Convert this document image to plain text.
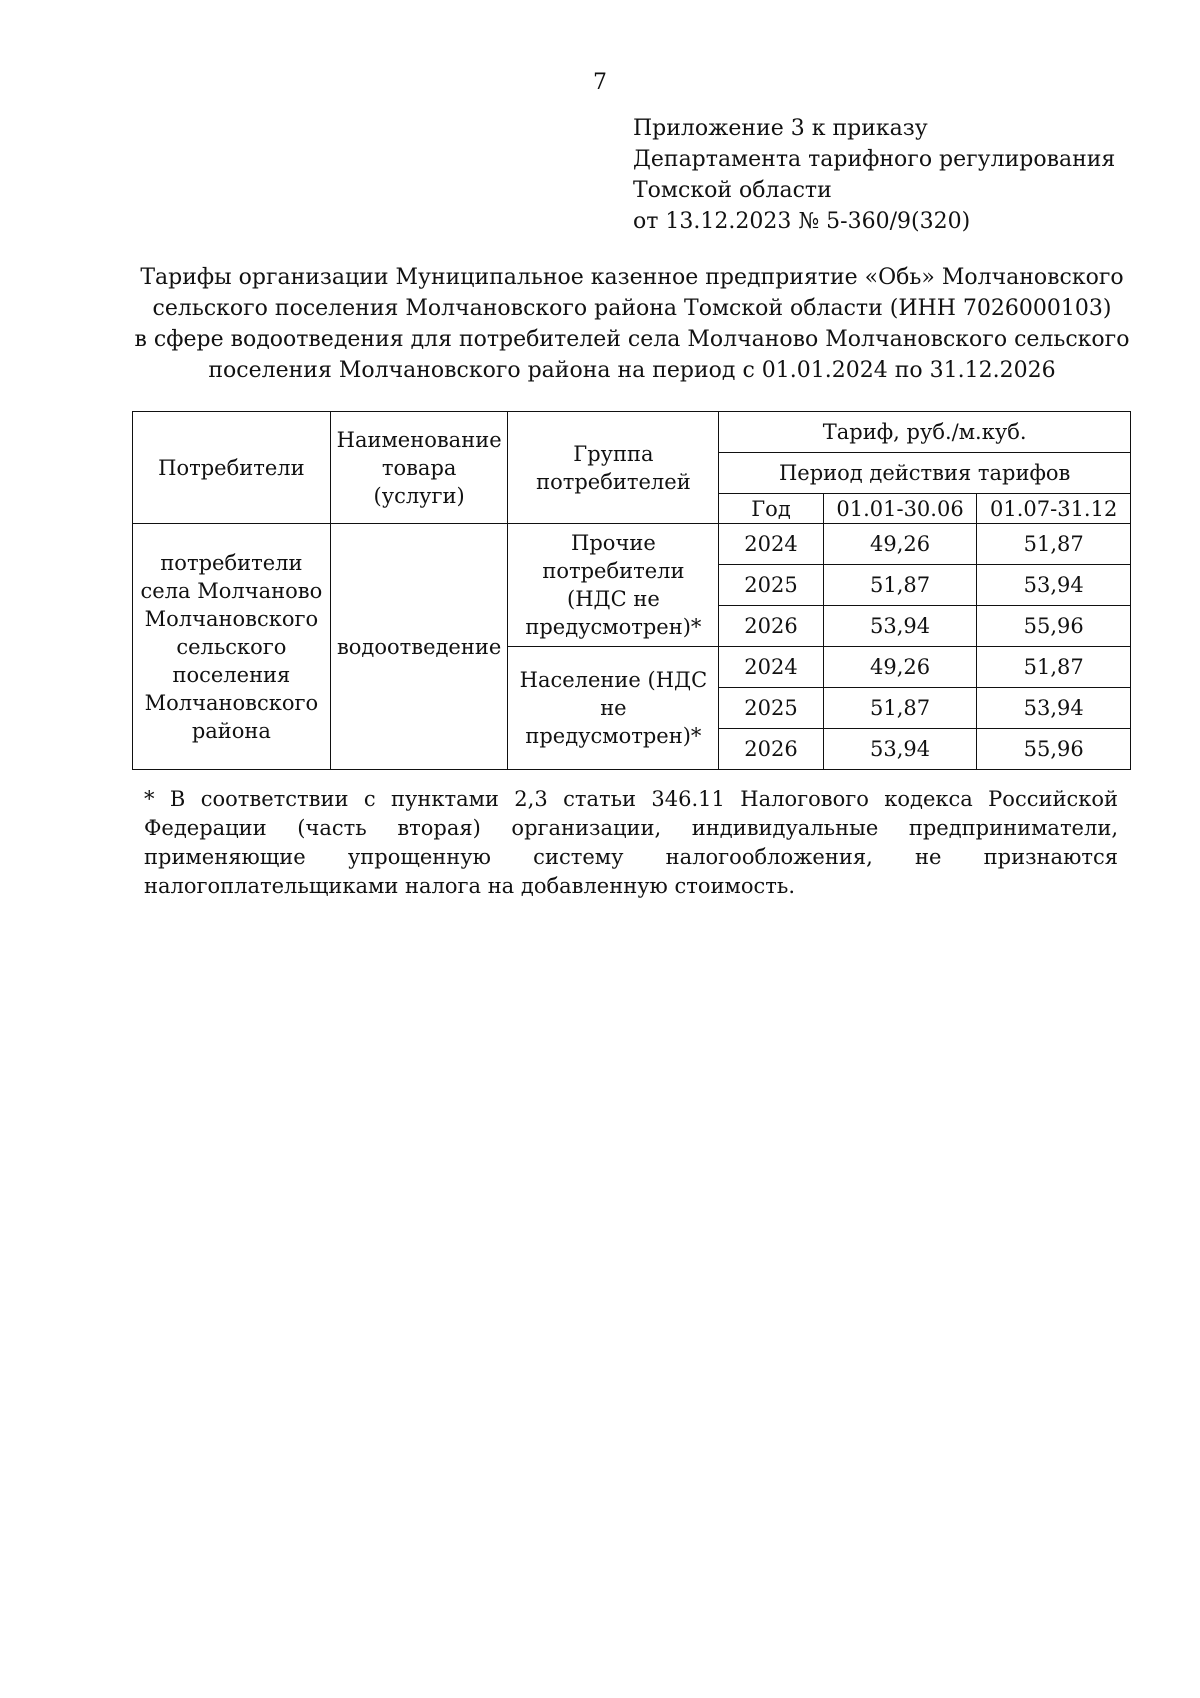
7
Приложение 3 к приказу
Департамента тарифного регулирования
Томской области
от 13.12.2023 № 5-360/9(320)
Тарифы организации Муниципальное казенное предприятие «Обь» Молчановского
сельского поселения Молчановского района Томской области (ИНН 7026000103)
в сфере водоотведения для потребителей села Молчаново Молчановского сельского
поселения Молчановского района на период с 01.01.2024 по 31.12.2026
Потребители	Наименование товара (услуги)	Группа потребителей	Тариф, руб./м.куб.		
			Период действия тарифов		
			Год	01.01-30.06	01.07-31.12
потребители села Молчаново Молчановского сельского поселения Молчановского района	водоотведение	Прочие потребители (НДС не предусмотрен)*	2024	49,26	51,87
			2025	51,87	53,94
			2026	53,94	55,96
		Население (НДС не предусмотрен)*	2024	49,26	51,87
			2025	51,87	53,94
			2026	53,94	55,96
* В соответствии с пунктами 2,3 статьи 346.11 Налогового кодекса Российской Федерации (часть вторая) организации, индивидуальные предприниматели, применяющие упрощенную систему налогообложения, не признаются налогоплательщиками налога на добавленную стоимость.
